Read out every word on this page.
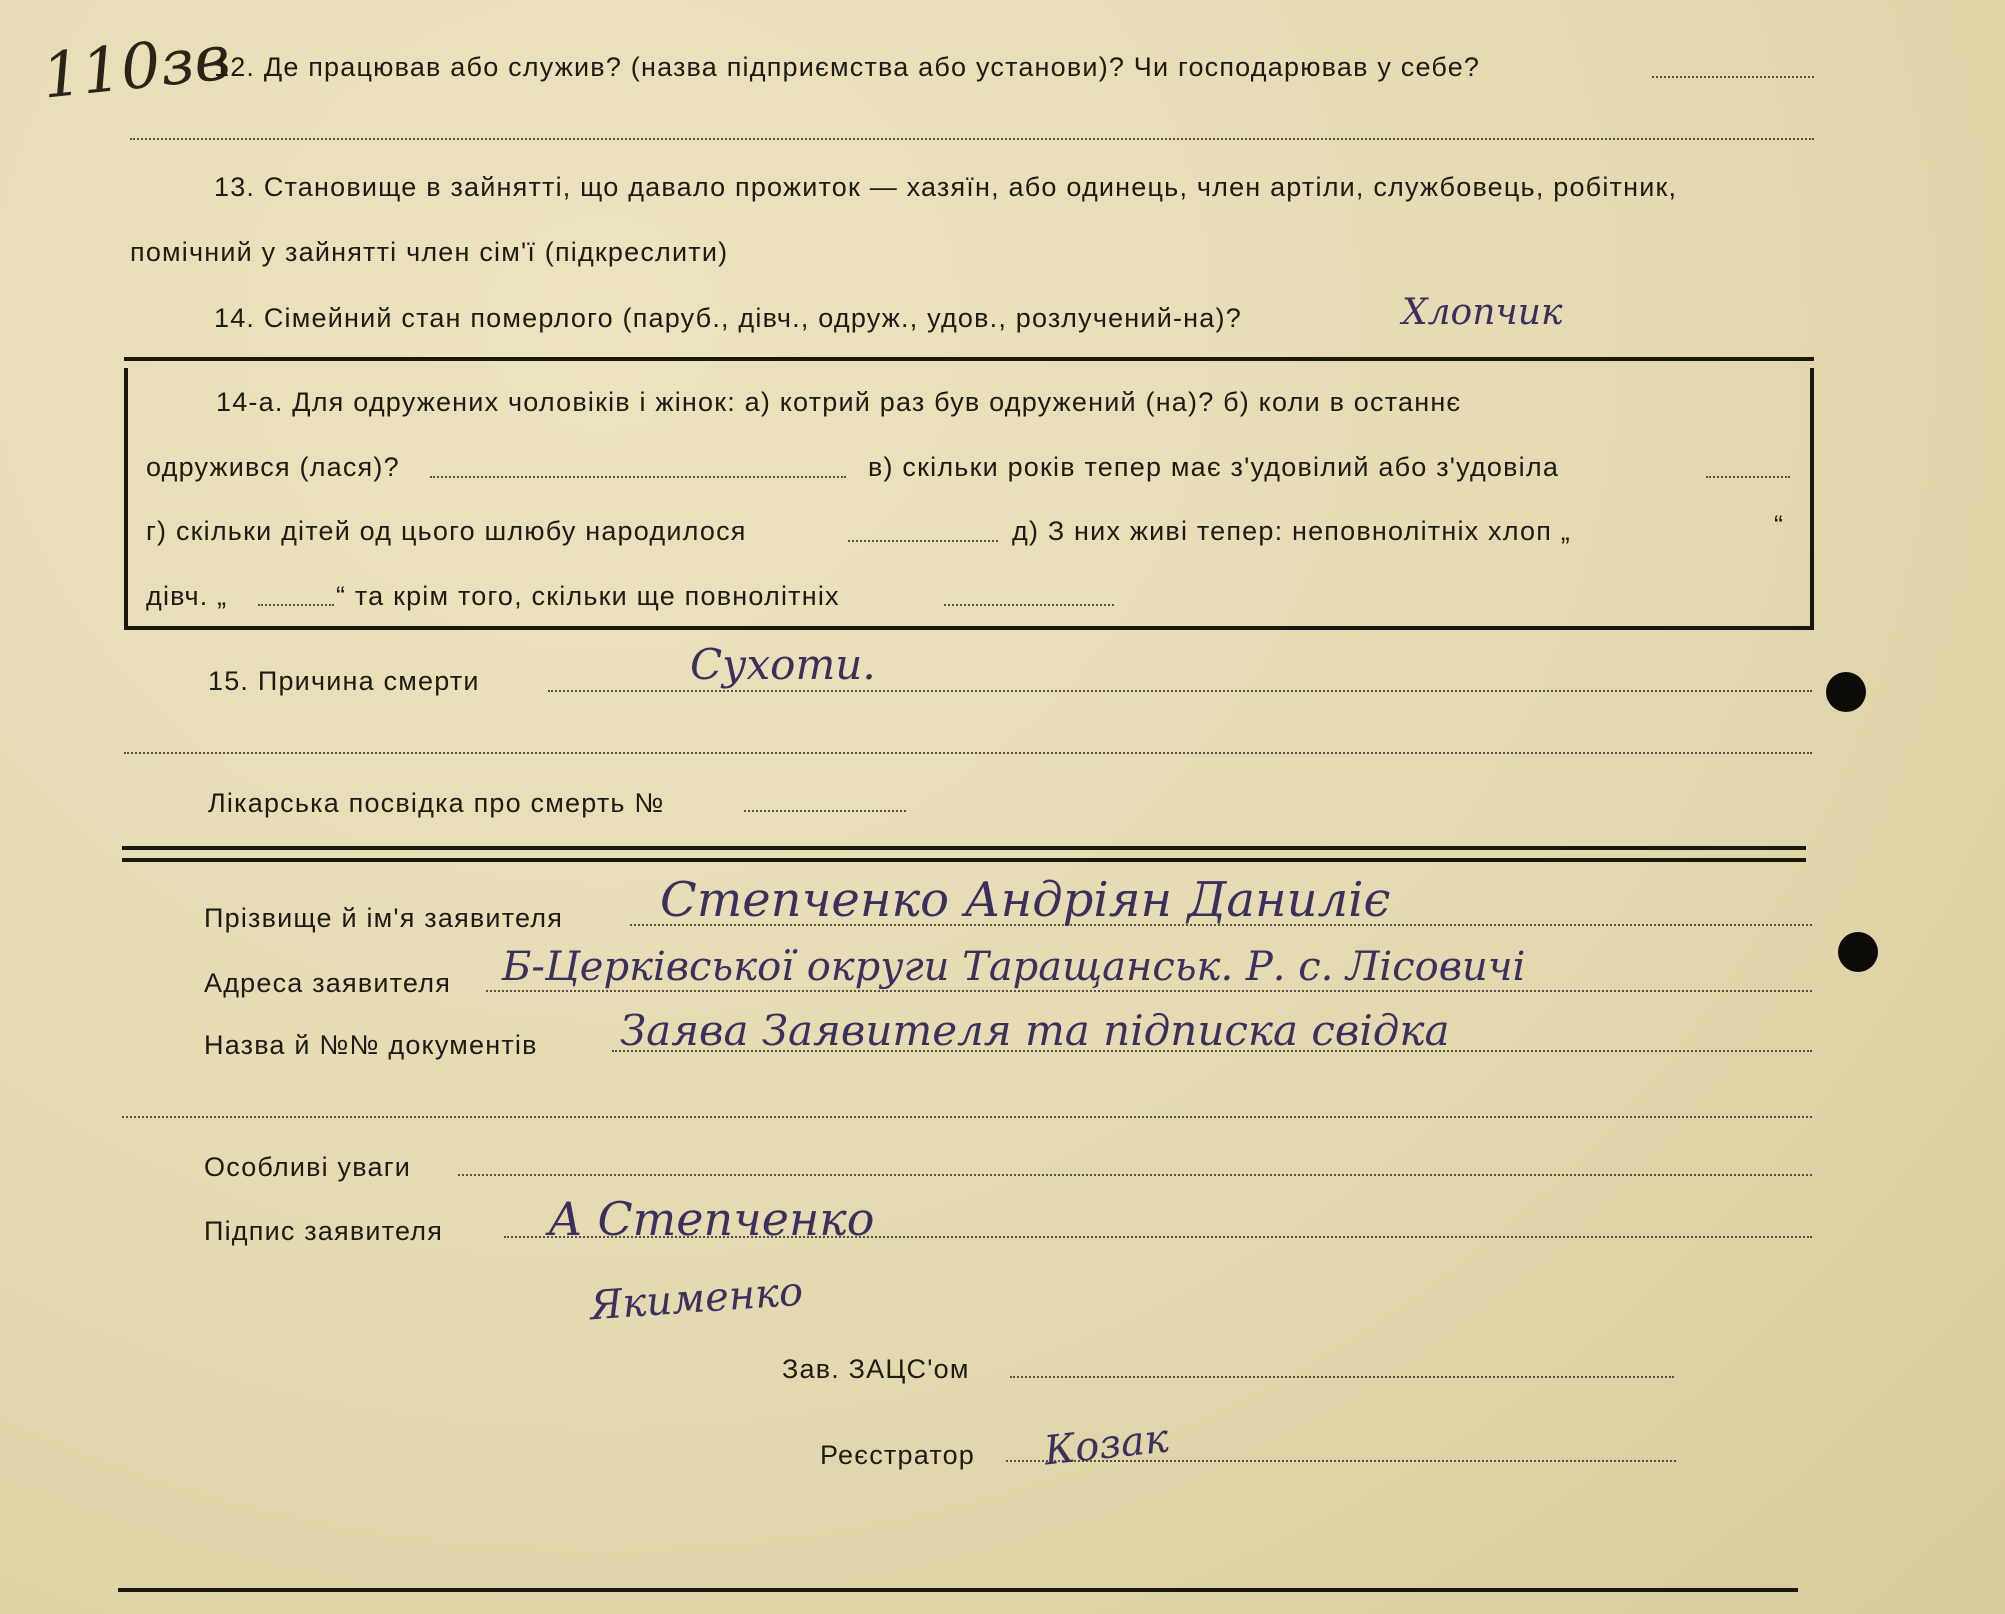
110зв
12. Де працював або служив? (назва підприємства або установи)? Чи господарював у себе?
13. Становище в зайнятті, що давало прожиток — хазяїн, або одинець, член артіли, службовець, робітник,
помічний у зайнятті член сім'ї (підкреслити)
14. Сімейний стан померлого (паруб., дівч., одруж., удов., розлучений-на)?	Хлопчик
14-а. Для одружених чоловіків і жінок: а) котрий раз був одружений (на)? б) коли в останнє
одружився (лася)?	в) скільки років тепер має з'удовілий або з'удовіла
г) скільки дітей од цього шлюбу народилося	д) З них живі тепер: неповнолітніх хлоп „	“
дівч. „	“ та крім того, скільки ще повнолітніх
15. Причина смерти	Сухоти.
Лікарська посвідка про смерть №
Прізвище й ім'я заявителя Степченко Андріян Даниліє
Адреса заявителя Б-Церківської округи Таращанськ. Р. с. Лісовичі
Назва й №№ документів Заява Заявителя та підписка свідка
Особливі уваги
Підпис заявителя А Степченко
Якименко
Зав. ЗАЦС'ом
Реєстратор Козак
